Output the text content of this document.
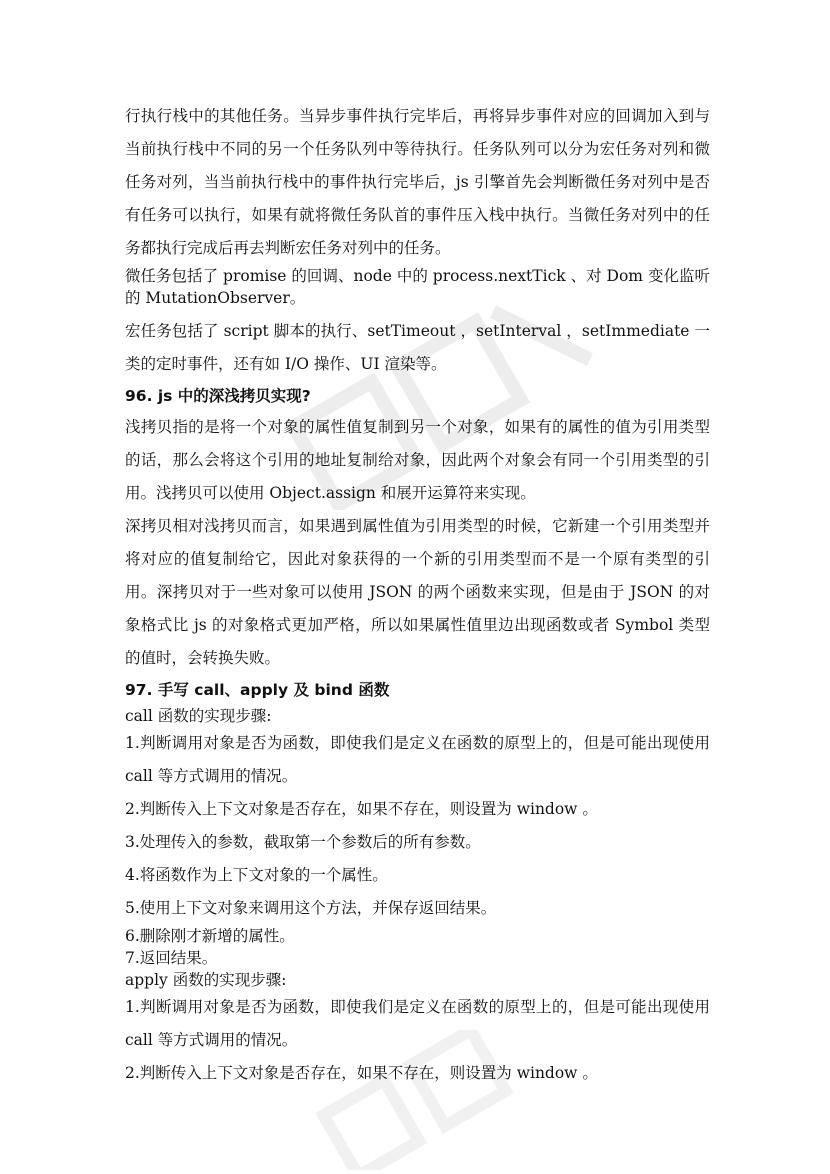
行执行栈中的其他任务。当异步事件执行完毕后，再将异步事件对应的回调加入到与当前执行栈中不同的另一个任务队列中等待执行。任务队列可以分为宏任务对列和微任务对列，当当前执行栈中的事件执行完毕后，js 引擎首先会判断微任务对列中是否有任务可以执行，如果有就将微任务队首的事件压入栈中执行。当微任务对列中的任务都执行完成后再去判断宏任务对列中的任务。

微任务包括了 promise 的回调、node 中的 process.nextTick 、对 Dom 变化监听的 MutationObserver。

宏任务包括了 script 脚本的执行、setTimeout ，setInterval ，setImmediate 一类的定时事件，还有如 I/O 操作、UI 渲染等。

96. js 中的深浅拷贝实现?

浅拷贝指的是将一个对象的属性值复制到另一个对象，如果有的属性的值为引用类型的话，那么会将这个引用的地址复制给对象，因此两个对象会有同一个引用类型的引用。浅拷贝可以使用 Object.assign 和展开运算符来实现。

深拷贝相对浅拷贝而言，如果遇到属性值为引用类型的时候，它新建一个引用类型并将对应的值复制给它，因此对象获得的一个新的引用类型而不是一个原有类型的引用。深拷贝对于一些对象可以使用 JSON 的两个函数来实现，但是由于 JSON 的对象格式比 js 的对象格式更加严格，所以如果属性值里边出现函数或者 Symbol 类型的值时，会转换失败。

97. 手写 call、apply 及 bind 函数

call 函数的实现步骤:

1.判断调用对象是否为函数，即使我们是定义在函数的原型上的，但是可能出现使用 call 等方式调用的情况。

2.判断传入上下文对象是否存在，如果不存在，则设置为 window 。

3.处理传入的参数，截取第一个参数后的所有参数。

4.将函数作为上下文对象的一个属性。

5.使用上下文对象来调用这个方法，并保存返回结果。

6.删除刚才新增的属性。

7.返回结果。

apply 函数的实现步骤:

1.判断调用对象是否为函数，即使我们是定义在函数的原型上的，但是可能出现使用 call 等方式调用的情况。

2.判断传入上下文对象是否存在，如果不存在，则设置为 window 。
